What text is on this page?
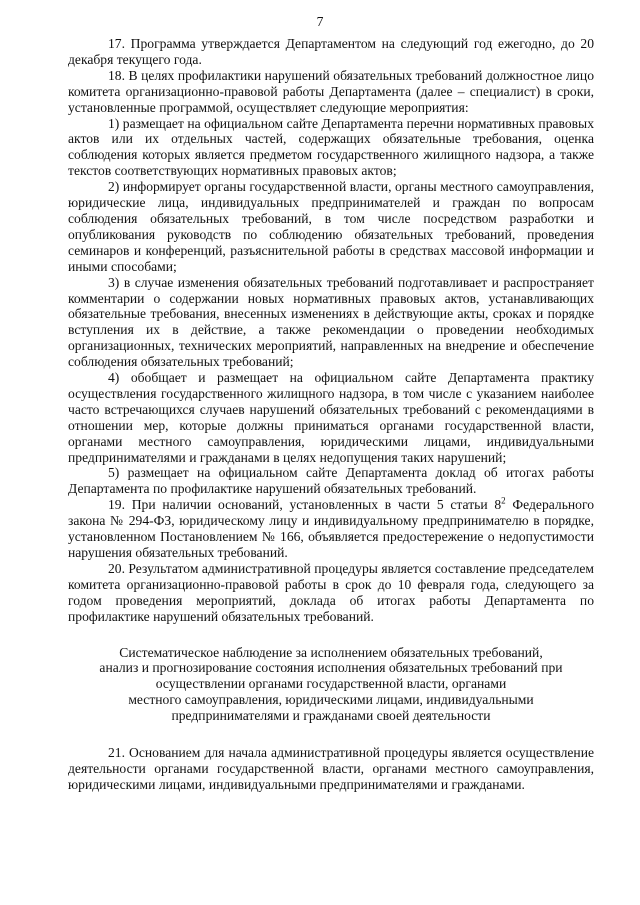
7

17. Программа утверждается Департаментом на следующий год ежегодно, до 20 декабря текущего года.

18. В целях профилактики нарушений обязательных требований должностное лицо комитета организационно-правовой работы Департамента (далее – специалист) в сроки, установленные программой, осуществляет следующие мероприятия:

1) размещает на официальном сайте Департамента перечни нормативных правовых актов или их отдельных частей, содержащих обязательные требования, оценка соблюдения которых является предметом государственного жилищного надзора, а также текстов соответствующих нормативных правовых актов;

2) информирует органы государственной власти, органы местного самоуправления, юридические лица, индивидуальных предпринимателей и граждан по вопросам соблюдения обязательных требований, в том числе посредством разработки и опубликования руководств по соблюдению обязательных требований, проведения семинаров и конференций, разъяснительной работы в средствах массовой информации и иными способами;

3) в случае изменения обязательных требований подготавливает и распространяет комментарии о содержании новых нормативных правовых актов, устанавливающих обязательные требования, внесенных изменениях в действующие акты, сроках и порядке вступления их в действие, а также рекомендации о проведении необходимых организационных, технических мероприятий, направленных на внедрение и обеспечение соблюдения обязательных требований;

4) обобщает и размещает на официальном сайте Департамента практику осуществления государственного жилищного надзора, в том числе с указанием наиболее часто встречающихся случаев нарушений обязательных требований с рекомендациями в отношении мер, которые должны приниматься органами государственной власти, органами местного самоуправления, юридическими лицами, индивидуальными предпринимателями и гражданами в целях недопущения таких нарушений;

5) размещает на официальном сайте Департамента доклад об итогах работы Департамента по профилактике нарушений обязательных требований.

19. При наличии оснований, установленных в части 5 статьи $8^2$ Федерального закона № 294-ФЗ, юридическому лицу и индивидуальному предпринимателю в порядке, установленном Постановлением № 166, объявляется предостережение о недопустимости нарушения обязательных требований.

20. Результатом административной процедуры является составление председателем комитета организационно-правовой работы в срок до 10 февраля года, следующего за годом проведения мероприятий, доклада об итогах работы Департамента по профилактике нарушений обязательных требований.

Систематическое наблюдение за исполнением обязательных требований,
анализ и прогнозирование состояния исполнения обязательных требований при
осуществлении органами государственной власти, органами
местного самоуправления, юридическими лицами, индивидуальными
предпринимателями и гражданами своей деятельности

21. Основанием для начала административной процедуры является осуществление деятельности органами государственной власти, органами местного самоуправления, юридическими лицами, индивидуальными предпринимателями и гражданами.
